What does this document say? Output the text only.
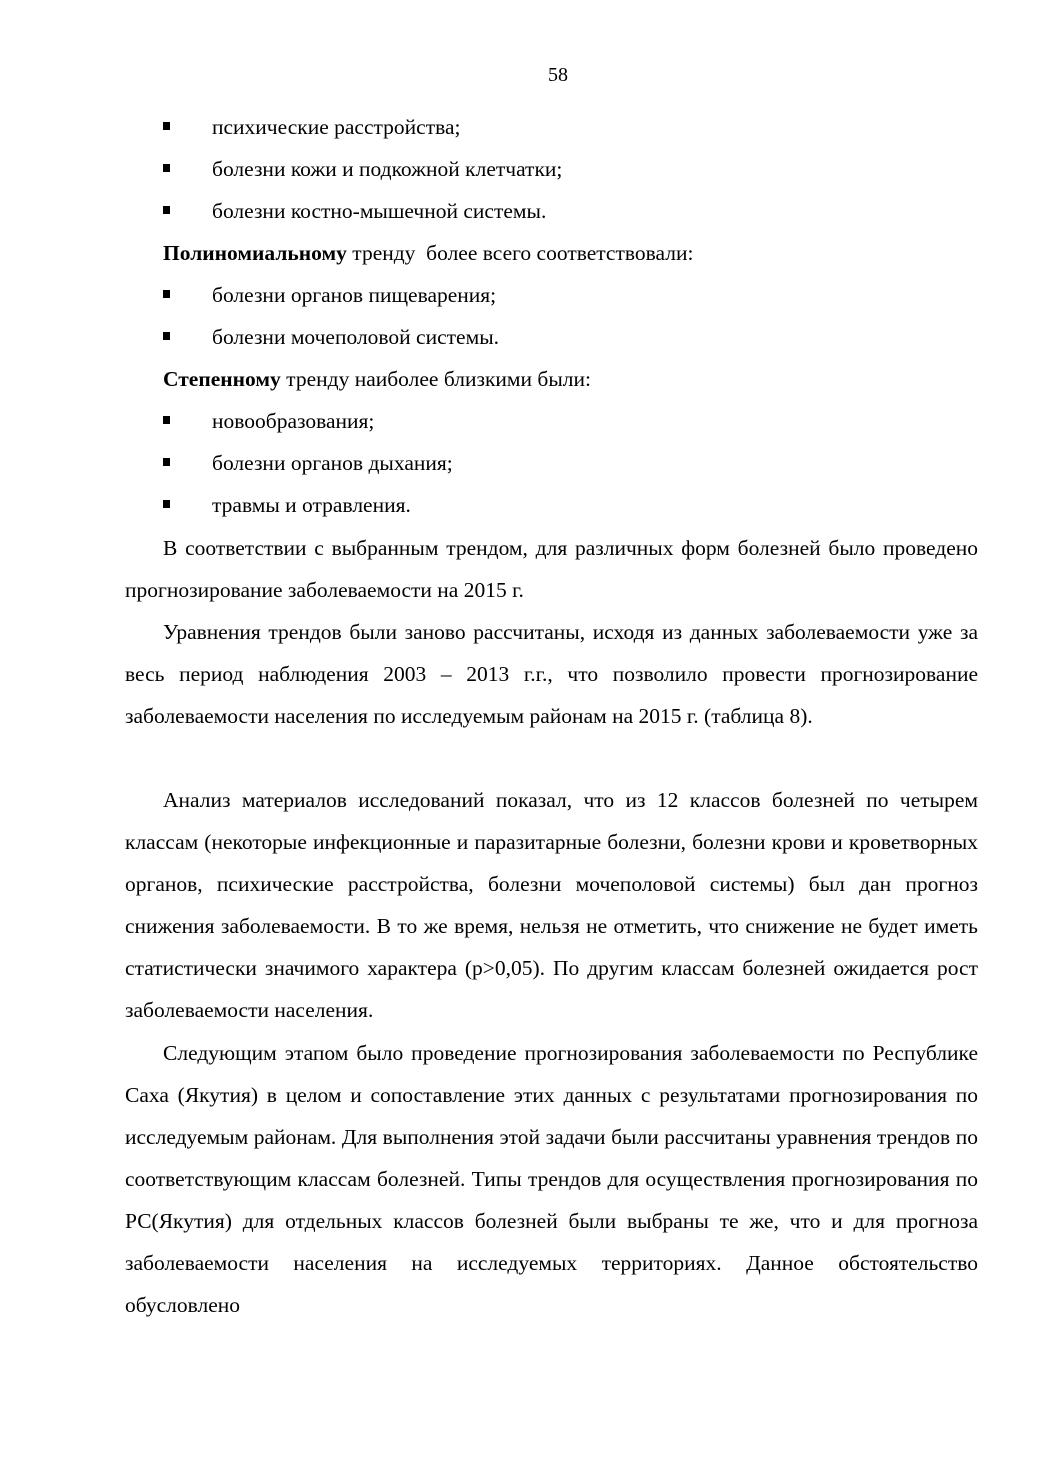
58
психические расстройства;
болезни кожи и подкожной клетчатки;
болезни костно-мышечной системы.
Полиномиальному тренду  более всего соответствовали:
болезни органов пищеварения;
болезни мочеполовой системы.
Степенному тренду наиболее близкими были:
новообразования;
болезни органов дыхания;
травмы и отравления.

В соответствии с выбранным трендом, для различных форм болезней было проведено прогнозирование заболеваемости на 2015 г.

Уравнения трендов были заново рассчитаны, исходя из данных заболеваемости уже за весь период наблюдения 2003 – 2013 г.г., что позволило провести прогнозирование заболеваемости населения по исследуемым районам на 2015 г. (таблица 8).

Анализ материалов исследований показал, что из 12 классов болезней по четырем классам (некоторые инфекционные и паразитарные болезни, болезни крови и кроветворных органов, психические расстройства, болезни мочеполовой системы) был дан прогноз снижения заболеваемости. В то же время, нельзя не отметить, что снижение не будет иметь статистически значимого характера (р>0,05). По другим классам болезней ожидается рост заболеваемости населения.

Следующим этапом было проведение прогнозирования заболеваемости по Республике Саха (Якутия) в целом и сопоставление этих данных с результатами прогнозирования по исследуемым районам. Для выполнения этой задачи были рассчитаны уравнения трендов по соответствующим классам болезней. Типы трендов для осуществления прогнозирования по РС(Якутия) для отдельных классов болезней были выбраны те же, что и для прогноза заболеваемости населения на исследуемых территориях. Данное обстоятельство обусловлено
